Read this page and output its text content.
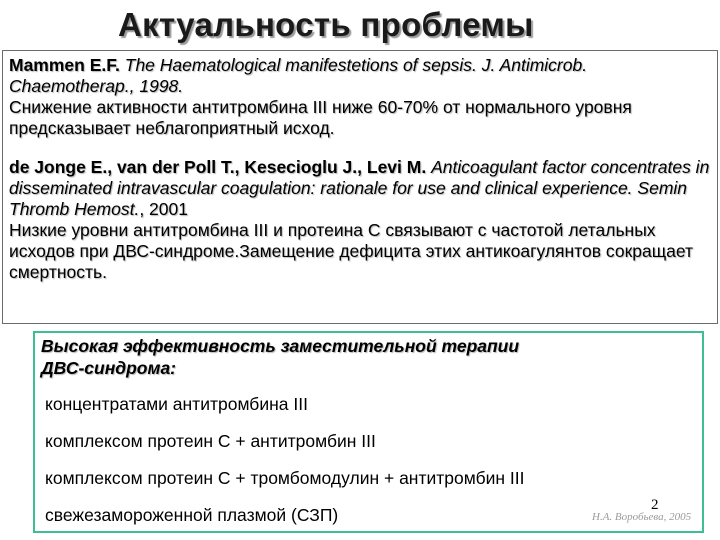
Актуальность проблемы

Mammen E.F. The Haematological manifestetions of sepsis. J. Antimicrob. Chaemotherap., 1998.

Снижение активности антитромбина III ниже 60-70% от нормального уровня предсказывает неблагоприятный исход.

de Jonge E., van der Poll T., Kesecioglu J., Levi M. Anticoagulant factor concentrates in disseminated intravascular coagulation: rationale for use and clinical experience. Semin Thromb Hemost., 2001

Низкие уровни антитромбина III и протеина С связывают с частотой летальных исходов при ДВС-синдроме.Замещение дефицита этих антикоагулянтов сокращает смертность.

Высокая эффективность заместительной терапии ДВС-синдрома:

концентратами антитромбина III
комплексом протеин С + антитромбин III
комплексом протеин С + тромбомодулин + антитромбин III
свежезамороженной плазмой (СЗП)	2
Н.А. Воробьева, 2005
